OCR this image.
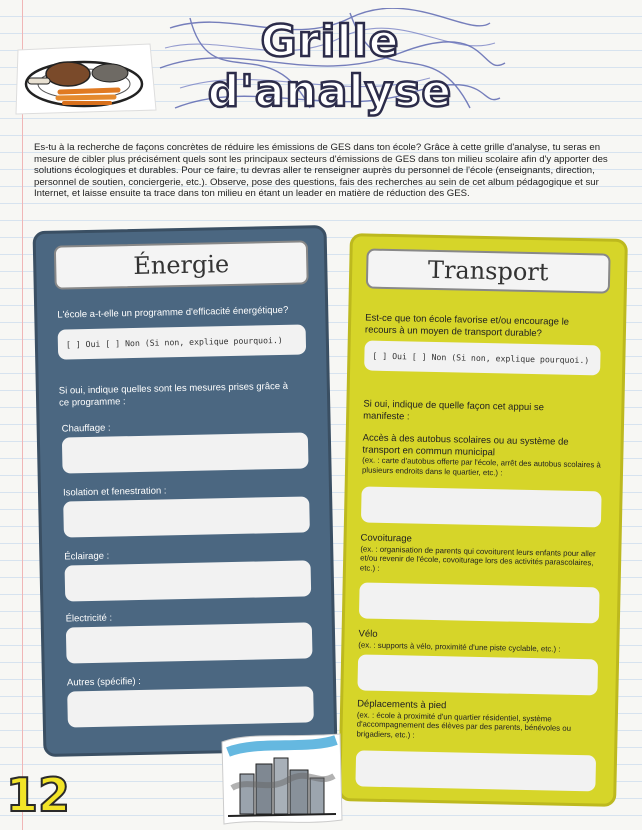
Grille
d'analyse

Es-tu à la recherche de façons concrètes de réduire les émissions de GES dans ton école? Grâce à cette grille d'analyse, tu seras en mesure de cibler plus précisément quels sont les principaux secteurs d'émissions de GES dans ton milieu scolaire afin d'y apporter des solutions écologiques et durables. Pour ce faire, tu devras aller te renseigner auprès du personnel de l'école (enseignants, direction, personnel de soutien, conciergerie, etc.). Observe, pose des questions, fais des recherches au sein de cet album pédagogique et sur Internet, et laisse ensuite ta trace dans ton milieu en étant un leader en matière de réduction des GES.

Énergie
L'école a-t-elle un programme d'efficacité énergétique?
[ ] Oui [ ] Non (Si non, explique pourquoi.)
Si oui, indique quelles sont les mesures prises grâce à ce programme :
Chauffage :
Isolation et fenestration :
Éclairage :
Électricité :
Autres (spécifie) :
Transport
Est-ce que ton école favorise et/ou encourage le recours à un moyen de transport durable?
[ ] Oui [ ] Non (Si non, explique pourquoi.)
Si oui, indique de quelle façon cet appui se manifeste :
Accès à des autobus scolaires ou au système de transport en commun municipal
(ex. : carte d'autobus offerte par l'école, arrêt des autobus scolaires à plusieurs endroits dans le quartier, etc.) :
Covoiturage
(ex. : organisation de parents qui covoiturent leurs enfants pour aller et/ou revenir de l'école, covoiturage lors des activités parascolaires, etc.) :
Vélo
(ex. : supports à vélo, proximité d'une piste cyclable, etc.) :
Déplacements à pied
(ex. : école à proximité d'un quartier résidentiel, système d'accompagnement des élèves par des parents, bénévoles ou brigadiers, etc.) :
12
